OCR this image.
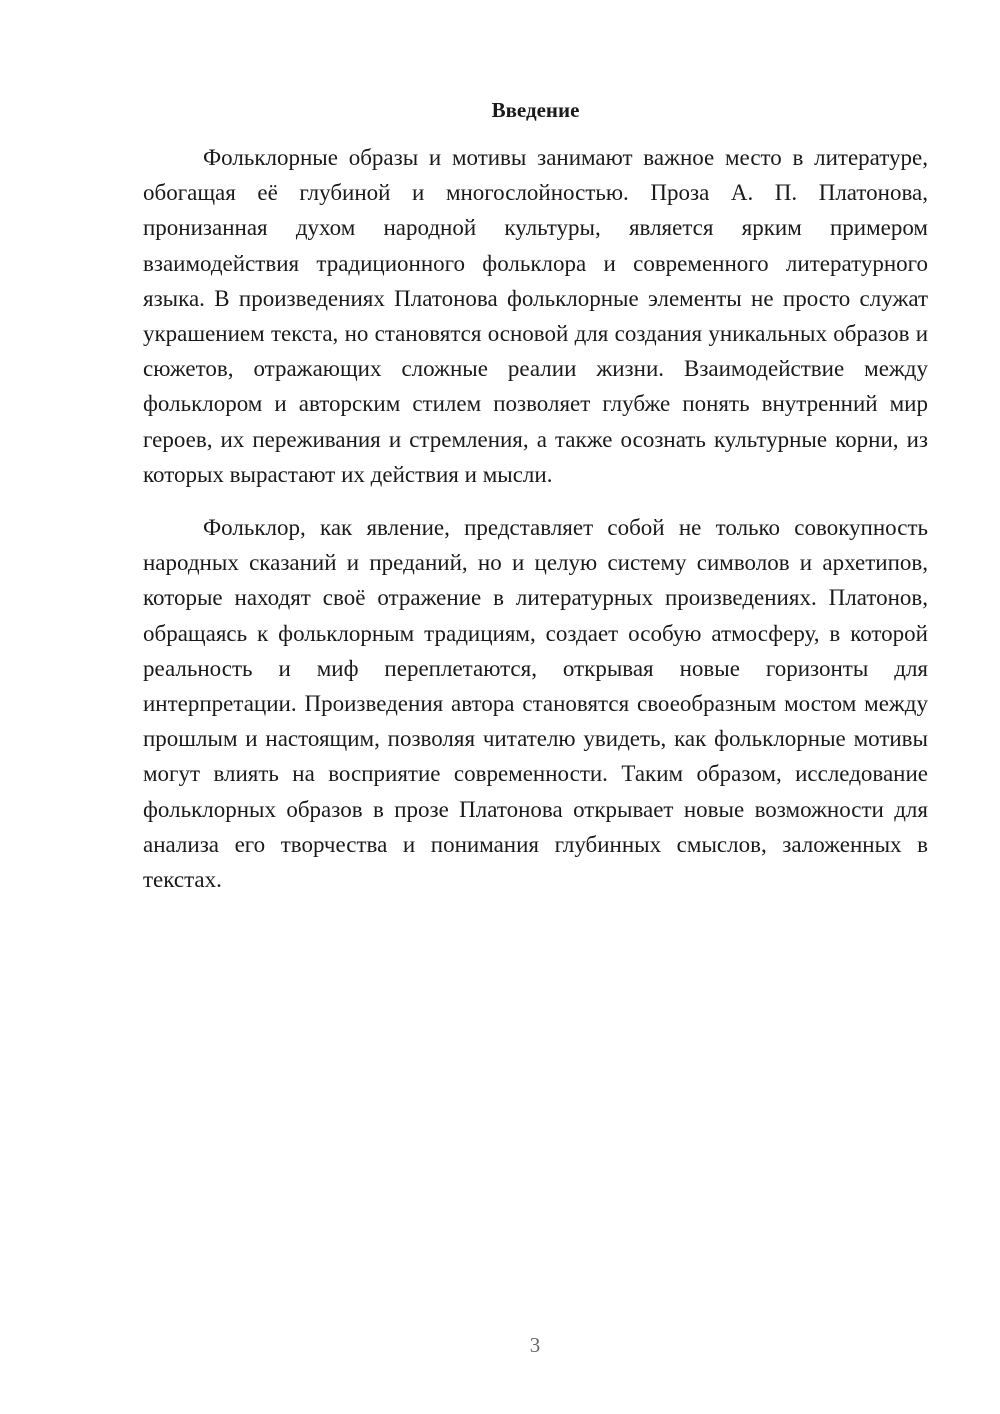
Введение

Фольклорные образы и мотивы занимают важное место в литературе, обогащая её глубиной и многослойностью. Проза А. П. Платонова, пронизанная духом народной культуры, является ярким примером взаимодействия традиционного фольклора и современного литературного языка. В произведениях Платонова фольклорные элементы не просто служат украшением текста, но становятся основой для создания уникальных образов и сюжетов, отражающих сложные реалии жизни. Взаимодействие между фольклором и авторским стилем позволяет глубже понять внутренний мир героев, их переживания и стремления, а также осознать культурные корни, из которых вырастают их действия и мысли.

Фольклор, как явление, представляет собой не только совокупность народных сказаний и преданий, но и целую систему символов и архетипов, которые находят своё отражение в литературных произведениях. Платонов, обращаясь к фольклорным традициям, создает особую атмосферу, в которой реальность и миф переплетаются, открывая новые горизонты для интерпретации. Произведения автора становятся своеобразным мостом между прошлым и настоящим, позволяя читателю увидеть, как фольклорные мотивы могут влиять на восприятие современности. Таким образом, исследование фольклорных образов в прозе Платонова открывает новые возможности для анализа его творчества и понимания глубинных смыслов, заложенных в текстах.

3
